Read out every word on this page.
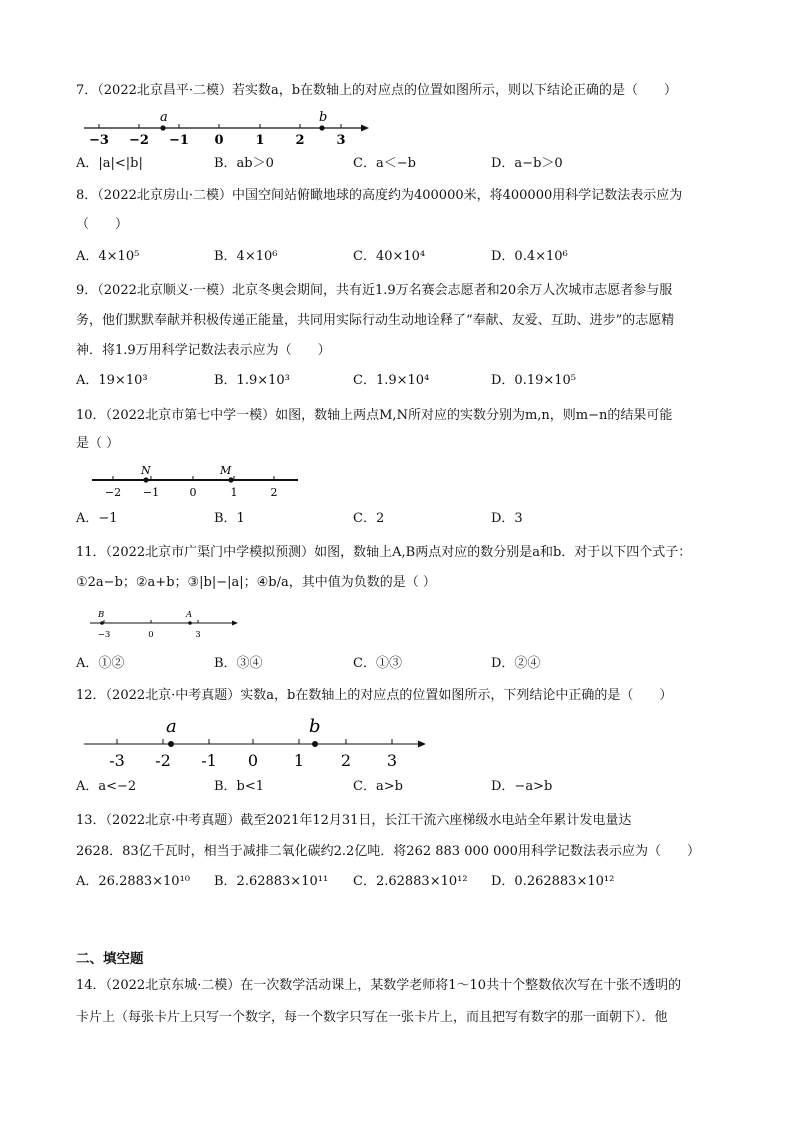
7．（2022北京昌平·二模）若实数a，b在数轴上的对应点的位置如图所示，则以下结论正确的是（　　）
−3 −2 −1 0 1 2 3
a	b
A．|a|<|b|	B．ab＞0	C．a＜−b	D．a−b＞0
8．（2022北京房山·二模）中国空间站俯瞰地球的高度约为400000米，将400000用科学记数法表示应为
（　　）
A．4×10⁵	B．4×10⁶	C．40×10⁴	D．0.4×10⁶
9．（2022北京顺义·一模）北京冬奥会期间，共有近1.9万名赛会志愿者和20余万人次城市志愿者参与服
务，他们默默奉献并积极传递正能量，共同用实际行动生动地诠释了“奉献、友爱、互助、进步”的志愿精
神．将1.9万用科学记数法表示应为（　　）
A．19×10³	B．1.9×10³	C．1.9×10⁴	D．0.19×10⁵
10．（2022北京市第七中学一模）如图，数轴上两点M,N所对应的实数分别为m,n，则m−n的结果可能
是（ ）
−2 −1	0	1	2
N	M
A．−1	B．1	C．2	D．3
11．（2022北京市广渠门中学模拟预测）如图，数轴上A,B两点对应的数分别是a和b．对于以下四个式子：
①2a−b；②a+b；③|b|−|a|；④b/a，其中值为负数的是（ ）
−3	0	3
B	A
A．①②	B．③④	C．①③	D．②④
12．（2022北京·中考真题）实数a，b在数轴上的对应点的位置如图所示，下列结论中正确的是（　　）
-3 -2 -1 0 1 2 3
a	b
A．a<−2	B．b<1	C．a>b	D．−a>b
13．（2022北京·中考真题）截至2021年12月31日，长江干流六座梯级水电站全年累计发电量达
2628．83亿千瓦时，相当于减排二氧化碳约2.2亿吨．将262 883 000 000用科学记数法表示应为（　　）
A．26.2883×10¹⁰ B．2.62883×10¹¹ C．2.62883×10¹² D．0.262883×10¹²
二、填空题
14．（2022北京东城·二模）在一次数学活动课上，某数学老师将1～10共十个整数依次写在十张不透明的
卡片上（每张卡片上只写一个数字，每一个数字只写在一张卡片上，而且把写有数字的那一面朝下）．他
